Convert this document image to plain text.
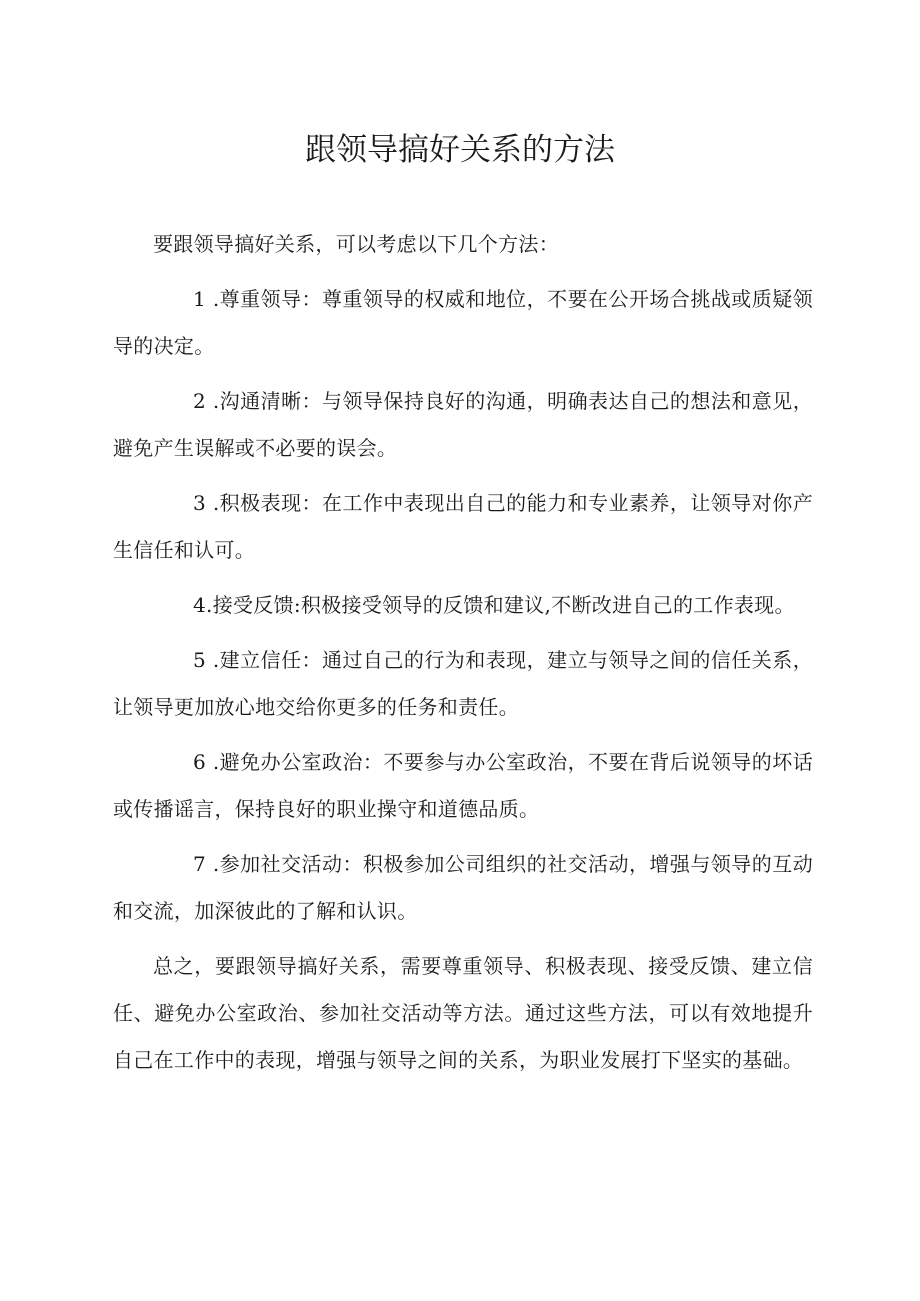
跟领导搞好关系的方法

要跟领导搞好关系，可以考虑以下几个方法：

1 .尊重领导：尊重领导的权威和地位，不要在公开场合挑战或质疑领导的决定。

2 .沟通清晰：与领导保持良好的沟通，明确表达自己的想法和意见，避免产生误解或不必要的误会。

3 .积极表现：在工作中表现出自己的能力和专业素养，让领导对你产生信任和认可。

4.接受反馈:积极接受领导的反馈和建议,不断改进自己的工作表现。

5 .建立信任：通过自己的行为和表现，建立与领导之间的信任关系，让领导更加放心地交给你更多的任务和责任。

6 .避免办公室政治：不要参与办公室政治，不要在背后说领导的坏话或传播谣言，保持良好的职业操守和道德品质。

7 .参加社交活动：积极参加公司组织的社交活动，增强与领导的互动和交流，加深彼此的了解和认识。

总之，要跟领导搞好关系，需要尊重领导、积极表现、接受反馈、建立信任、避免办公室政治、参加社交活动等方法。通过这些方法，可以有效地提升自己在工作中的表现，增强与领导之间的关系，为职业发展打下坚实的基础。
